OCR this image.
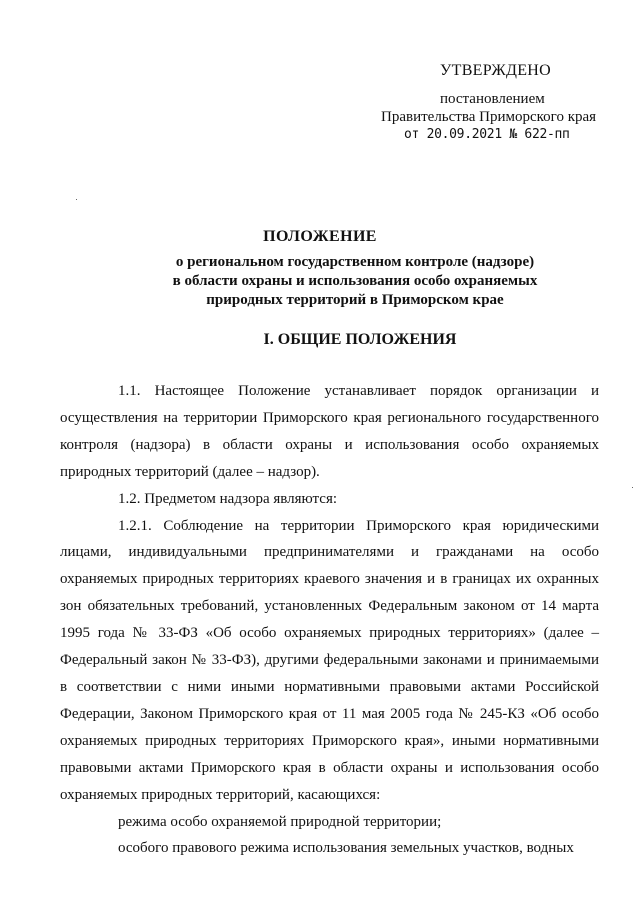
УТВЕРЖДЕНО
постановлением
Правительства Приморского края
от 20.09.2021 № 622-пп
ПОЛОЖЕНИЕ
о региональном государственном контроле (надзоре)
в области охраны и использования особо охраняемых
природных территорий в Приморском крае
I. ОБЩИЕ ПОЛОЖЕНИЯ

1.1. Настоящее Положение устанавливает порядок организации и осуществления на территории Приморского края регионального государственного контроля (надзора) в области охраны и использования особо охраняемых природных территорий (далее – надзор).

1.2. Предметом надзора являются:

1.2.1. Соблюдение на территории Приморского края юридическими лицами, индивидуальными предпринимателями и гражданами на особо охраняемых природных территориях краевого значения и в границах их охранных зон обязательных требований, установленных Федеральным законом от 14 марта 1995 года № 33-ФЗ «Об особо охраняемых природных территориях» (далее – Федеральный закон № 33-ФЗ), другими федеральными законами и принимаемыми в соответствии с ними иными нормативными правовыми актами Российской Федерации, Законом Приморского края от 11 мая 2005 года № 245-КЗ «Об особо охраняемых природных территориях Приморского края», иными нормативными правовыми актами Приморского края в области охраны и использования особо охраняемых природных территорий, касающихся:

режима особо охраняемой природной территории;

особого правового режима использования земельных участков, водных
